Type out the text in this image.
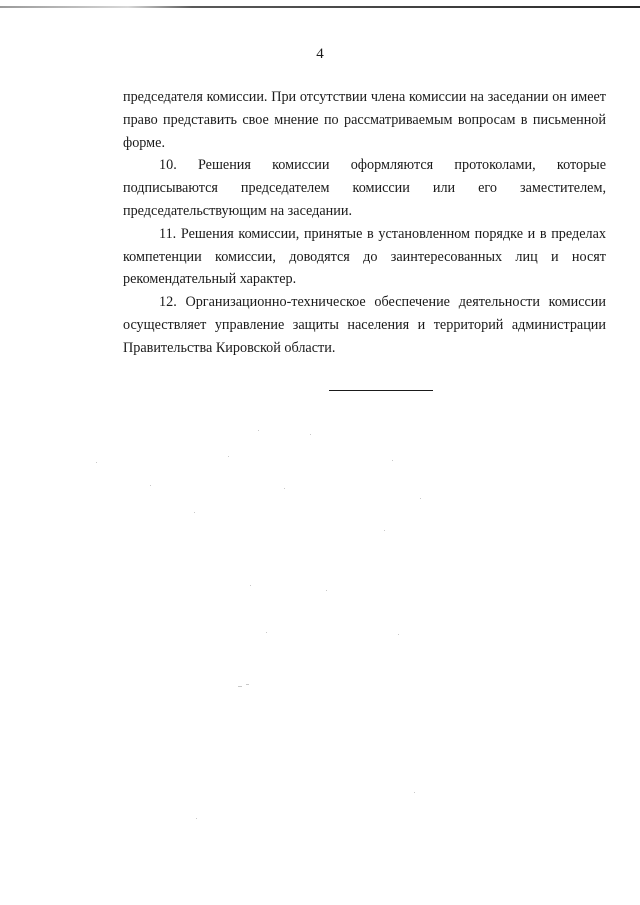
4

председателя комиссии. При отсутствии члена комиссии на заседании он имеет право представить свое мнение по рассматриваемым вопросам в письменной форме.

10. Решения комиссии оформляются протоколами, которые подписываются председателем комиссии или его заместителем, председательствующим на заседании.

11. Решения комиссии, принятые в установленном порядке и в пределах компетенции комиссии, доводятся до заинтересованных лиц и носят рекомендательный характер.

12. Организационно-техническое обеспечение деятельности комиссии осуществляет управление защиты населения и территорий администрации Правительства Кировской области.
